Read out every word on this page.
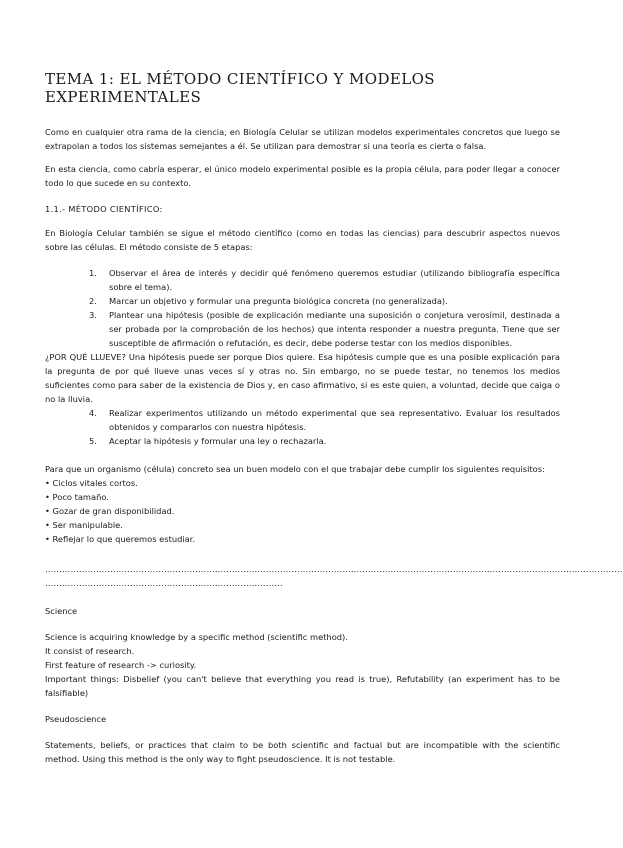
TEMA 1: EL MÉTODO CIENTÍFICO Y MODELOS EXPERIMENTALES

Como en cualquier otra rama de la ciencia, en Biología Celular se utilizan modelos experimentales concretos que luego se extrapolan a todos los sistemas semejantes a él. Se utilizan para demostrar si una teoría es cierta o falsa.

En esta ciencia, como cabría esperar, el único modelo experimental posible es la propia célula, para poder llegar a conocer todo lo que sucede en su contexto.

1.1.- MÉTODO CIENTÍFICO:

En Biología Celular también se sigue el método científico (como en todas las ciencias) para descubrir aspectos nuevos sobre las células. El método consiste de 5 etapas:

1.	Observar el área de interés y decidir qué fenómeno queremos estudiar (utilizando bibliografía específica sobre el tema).
2.	Marcar un objetivo y formular una pregunta biológica concreta (no generalizada).
3.	Plantear una hipótesis (posible de explicación mediante una suposición o conjetura verosímil, destinada a ser probada por la comprobación de los hechos) que intenta responder a nuestra pregunta. Tiene que ser susceptible de afirmación o refutación, es decir, debe poderse testar con los medios disponibles.

¿POR QUÉ LLUEVE? Una hipótesis puede ser porque Dios quiere. Esa hipótesis cumple que es una posible explicación para la pregunta de por qué llueve unas veces sí y otras no. Sin embargo, no se puede testar, no tenemos los medios suficientes como para saber de la existencia de Dios y, en caso afirmativo, si es este quien, a voluntad, decide que caiga o no la lluvia.

4.	Realizar experimentos utilizando un método experimental que sea representativo. Evaluar los resultados obtenidos y compararlos con nuestra hipótesis.
5.	Aceptar la hipótesis y formular una ley o rechazarla.

Para que un organismo (célula) concreto sea un buen modelo con el que trabajar debe cumplir los siguientes requisitos:

• Ciclos vitales cortos.
• Poco tamaño.
• Gozar de gran disponibilidad.
• Ser manipulable.
• Reflejar lo que queremos estudiar.
……………………………………………………………………………………………………………………………………………………………………………………
…………………………………………………………………………
Science

Science is acquiring knowledge by a specific method (scientific method).

It consist of research.

First feature of research -> curiosity.

Important things: Disbelief (you can't believe that everything you read is true), Refutability (an experiment has to be falsifiable)

Pseudoscience

Statements, beliefs, or practices that claim to be both scientific and factual but are incompatible with the scientific method. Using this method is the only way to fight pseudoscience. It is not testable.
